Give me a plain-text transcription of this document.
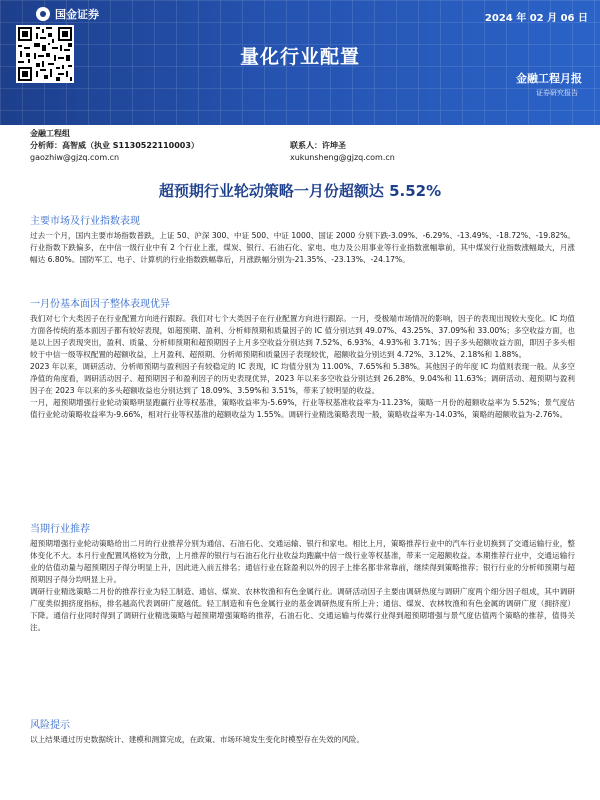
国金证券	2024 年 02 月 06 日
量化行业配置
金融工程月报
证券研究报告
金融工程组
分析师：高智威（执业 S1130522110003）	联系人：许坤圣
gaozhiw@gjzq.com.cn	xukunsheng@gjzq.com.cn
超预期行业轮动策略一月份超额达 5.52%
主要市场及行业指数表现
过去一个月，国内主要市场指数普跌，上证 50、沪深 300、中证 500、中证 1000、国证 2000 分别下跌-3.09%、-6.29%、-13.49%、-18.72%、-19.82%。行业指数下跌偏多，在中信一级行业中有 2 个行业上涨，煤炭、银行、石油石化、家电、电力及公用事业等行业指数涨幅靠前，其中煤炭行业指数涨幅最大，月涨幅达 6.80%。国防军工、电子、计算机的行业指数跌幅靠后，月涨跌幅分别为-21.35%、-23.13%、-24.17%。
一月份基本面因子整体表现优异
我们对七个大类因子在行业配置方向进行跟踪。我们对七个大类因子在行业配置方向进行跟踪。一月，受极端市场情况的影响，因子的表现出现较大变化。IC 均值方面各传统的基本面因子都有较好表现，如超预期、盈利、分析师预期和质量因子的 IC 值分别达到 49.07%、43.25%、37.09%和 33.00%；多空收益方面，也是以上因子表现突出，盈利、质量、分析师预期和超预期因子上月多空收益分别达到 7.52%、6.93%、4.93%和 3.71%；因子多头超额收益方面，即因子多头相较于中信一级等权配置的超额收益，上月盈利、超预期、分析师预期和质量因子表现较优，超额收益分别达到 4.72%、3.12%、2.18%和 1.88%。
2023 年以来，调研活动、分析师预期与盈利因子有较稳定的 IC 表现，IC 均值分别为 11.00%、7.65%和 5.38%。其他因子的年度 IC 均值则表现一般。从多空净值的角度看，调研活动因子、超预期因子和盈利因子的历史表现优异，2023 年以来多空收益分别达到 26.28%、9.04%和 11.63%；调研活动、超预期与盈利因子在 2023 年以来的多头超额收益也分别达到了 18.09%、3.59%和 3.51%，带来了较明显的收益。
一月，超预期增强行业轮动策略明显跑赢行业等权基准，策略收益率为-5.69%，行业等权基准收益率为-11.23%，策略一月份的超额收益率为 5.52%；景气度估值行业轮动策略收益率为-9.66%，相对行业等权基准的超额收益为 1.55%。调研行业精选策略表现一般，策略收益率为-14.03%，策略的超额收益为-2.76%。
当期行业推荐
超预期增强行业轮动策略给出二月的行业推荐分别为通信、石油石化、交通运输、银行和家电。相比上月，策略推荐行业中的汽车行业切换到了交通运输行业，整体变化不大。本月行业配置风格较为分散，上月推荐的银行与石油石化行业收益均跑赢中信一级行业等权基准，带来一定超额收益。本期推荐行业中，交通运输行业的估值动量与超预期因子得分明显上升，因此进入前五排名；通信行业在除盈利以外的因子上排名都非常靠前，继续得到策略推荐；银行行业的分析师预期与超预期因子得分均明显上升。
调研行业精选策略二月份的推荐行业为轻工制造、通信、煤炭、农林牧渔和有色金属行业。调研活动因子主要由调研热度与调研广度两个细分因子组成，其中调研广度类似拥挤度指标，排名越高代表调研广度越低。轻工制造和有色金属行业的基金调研热度有所上升；通信、煤炭、农林牧渔和有色金属的调研广度（拥挤度）下降。通信行业同时得到了调研行业精选策略与超预期增强策略的推荐，石油石化、交通运输与传媒行业得到超预期增强与景气度估值两个策略的推荐，值得关注。
风险提示
以上结果通过历史数据统计、建模和测算完成，在政策、市场环境发生变化时模型存在失效的风险。
